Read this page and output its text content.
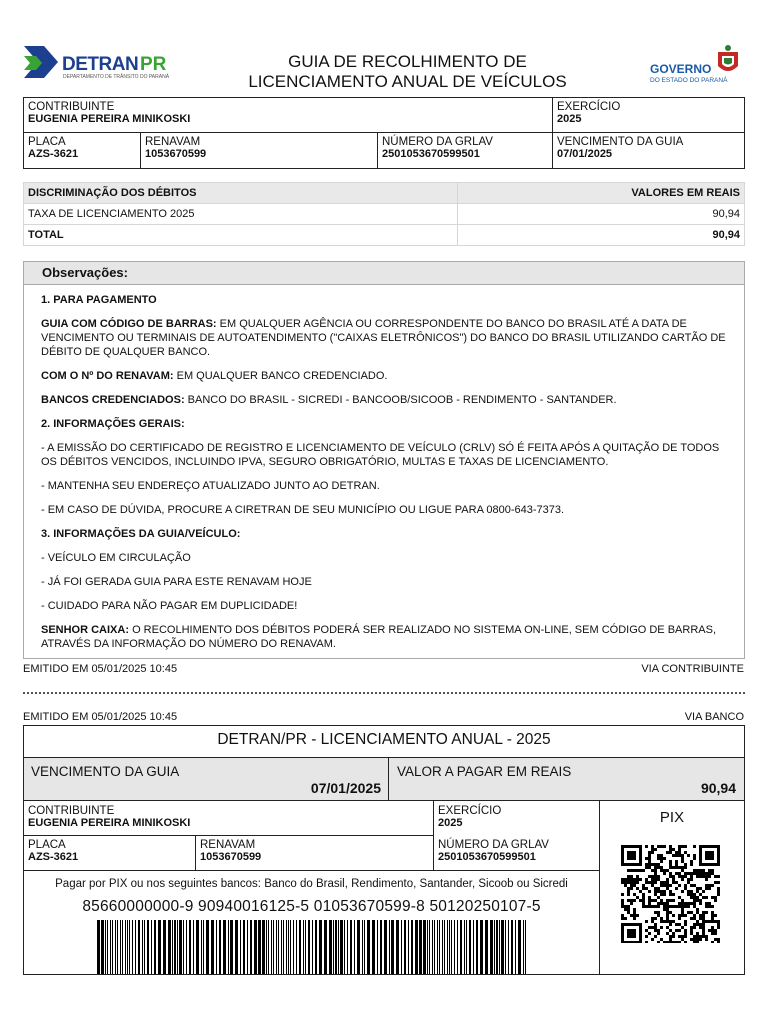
DETRAN PR
DEPARTAMENTO DE TRÂNSITO DO PARANÁ
GUIA DE RECOLHIMENTO DE
LICENCIAMENTO ANUAL DE VEÍCULOS
GOVERNO
DO ESTADO DO PARANÁ
CONTRIBUINTE
EUGENIA PEREIRA MINIKOSKI
EXERCÍCIO
2025
PLACA
AZS-3621
RENAVAM
1053670599
NÚMERO DA GRLAV
2501053670599501
VENCIMENTO DA GUIA
07/01/2025
DISCRIMINAÇÃO DOS DÉBITOS	VALORES EM REAIS
TAXA DE LICENCIAMENTO 2025	90,94
TOTAL	90,94
Observações:

1. PARA PAGAMENTO

GUIA COM CÓDIGO DE BARRAS: EM QUALQUER AGÊNCIA OU CORRESPONDENTE DO BANCO DO BRASIL ATÉ A DATA DE VENCIMENTO OU TERMINAIS DE AUTOATENDIMENTO ("CAIXAS ELETRÔNICOS") DO BANCO DO BRASIL UTILIZANDO CARTÃO DE DÉBITO DE QUALQUER BANCO.

COM O Nº DO RENAVAM: EM QUALQUER BANCO CREDENCIADO.

BANCOS CREDENCIADOS: BANCO DO BRASIL - SICREDI - BANCOOB/SICOOB - RENDIMENTO - SANTANDER.

2. INFORMAÇÕES GERAIS:

- A EMISSÃO DO CERTIFICADO DE REGISTRO E LICENCIAMENTO DE VEÍCULO (CRLV) SÓ É FEITA APÓS A QUITAÇÃO DE TODOS OS DÉBITOS VENCIDOS, INCLUINDO IPVA, SEGURO OBRIGATÓRIO, MULTAS E TAXAS DE LICENCIAMENTO.

- MANTENHA SEU ENDEREÇO ATUALIZADO JUNTO AO DETRAN.

- EM CASO DE DÚVIDA, PROCURE A CIRETRAN DE SEU MUNICÍPIO OU LIGUE PARA 0800-643-7373.

3. INFORMAÇÕES DA GUIA/VEÍCULO:

- VEÍCULO EM CIRCULAÇÃO

- JÁ FOI GERADA GUIA PARA ESTE RENAVAM HOJE

- CUIDADO PARA NÃO PAGAR EM DUPLICIDADE!

SENHOR CAIXA: O RECOLHIMENTO DOS DÉBITOS PODERÁ SER REALIZADO NO SISTEMA ON-LINE, SEM CÓDIGO DE BARRAS, ATRAVÉS DA INFORMAÇÃO DO NÚMERO DO RENAVAM.

EMITIDO EM 05/01/2025 10:45	VIA CONTRIBUINTE
EMITIDO EM 05/01/2025 10:45	VIA BANCO
DETRAN/PR - LICENCIAMENTO ANUAL - 2025
VENCIMENTO DA GUIA
07/01/2025
VALOR A PAGAR EM REAIS
90,94
CONTRIBUINTE
EUGENIA PEREIRA MINIKOSKI
EXERCÍCIO
2025
PLACA
AZS-3621
RENAVAM
1053670599
NÚMERO DA GRLAV
2501053670599501
PIX
Pagar por PIX ou nos seguintes bancos: Banco do Brasil, Rendimento, Santander, Sicoob ou Sicredi
85660000000-9 90940016125-5 01053670599-8 50120250107-5
